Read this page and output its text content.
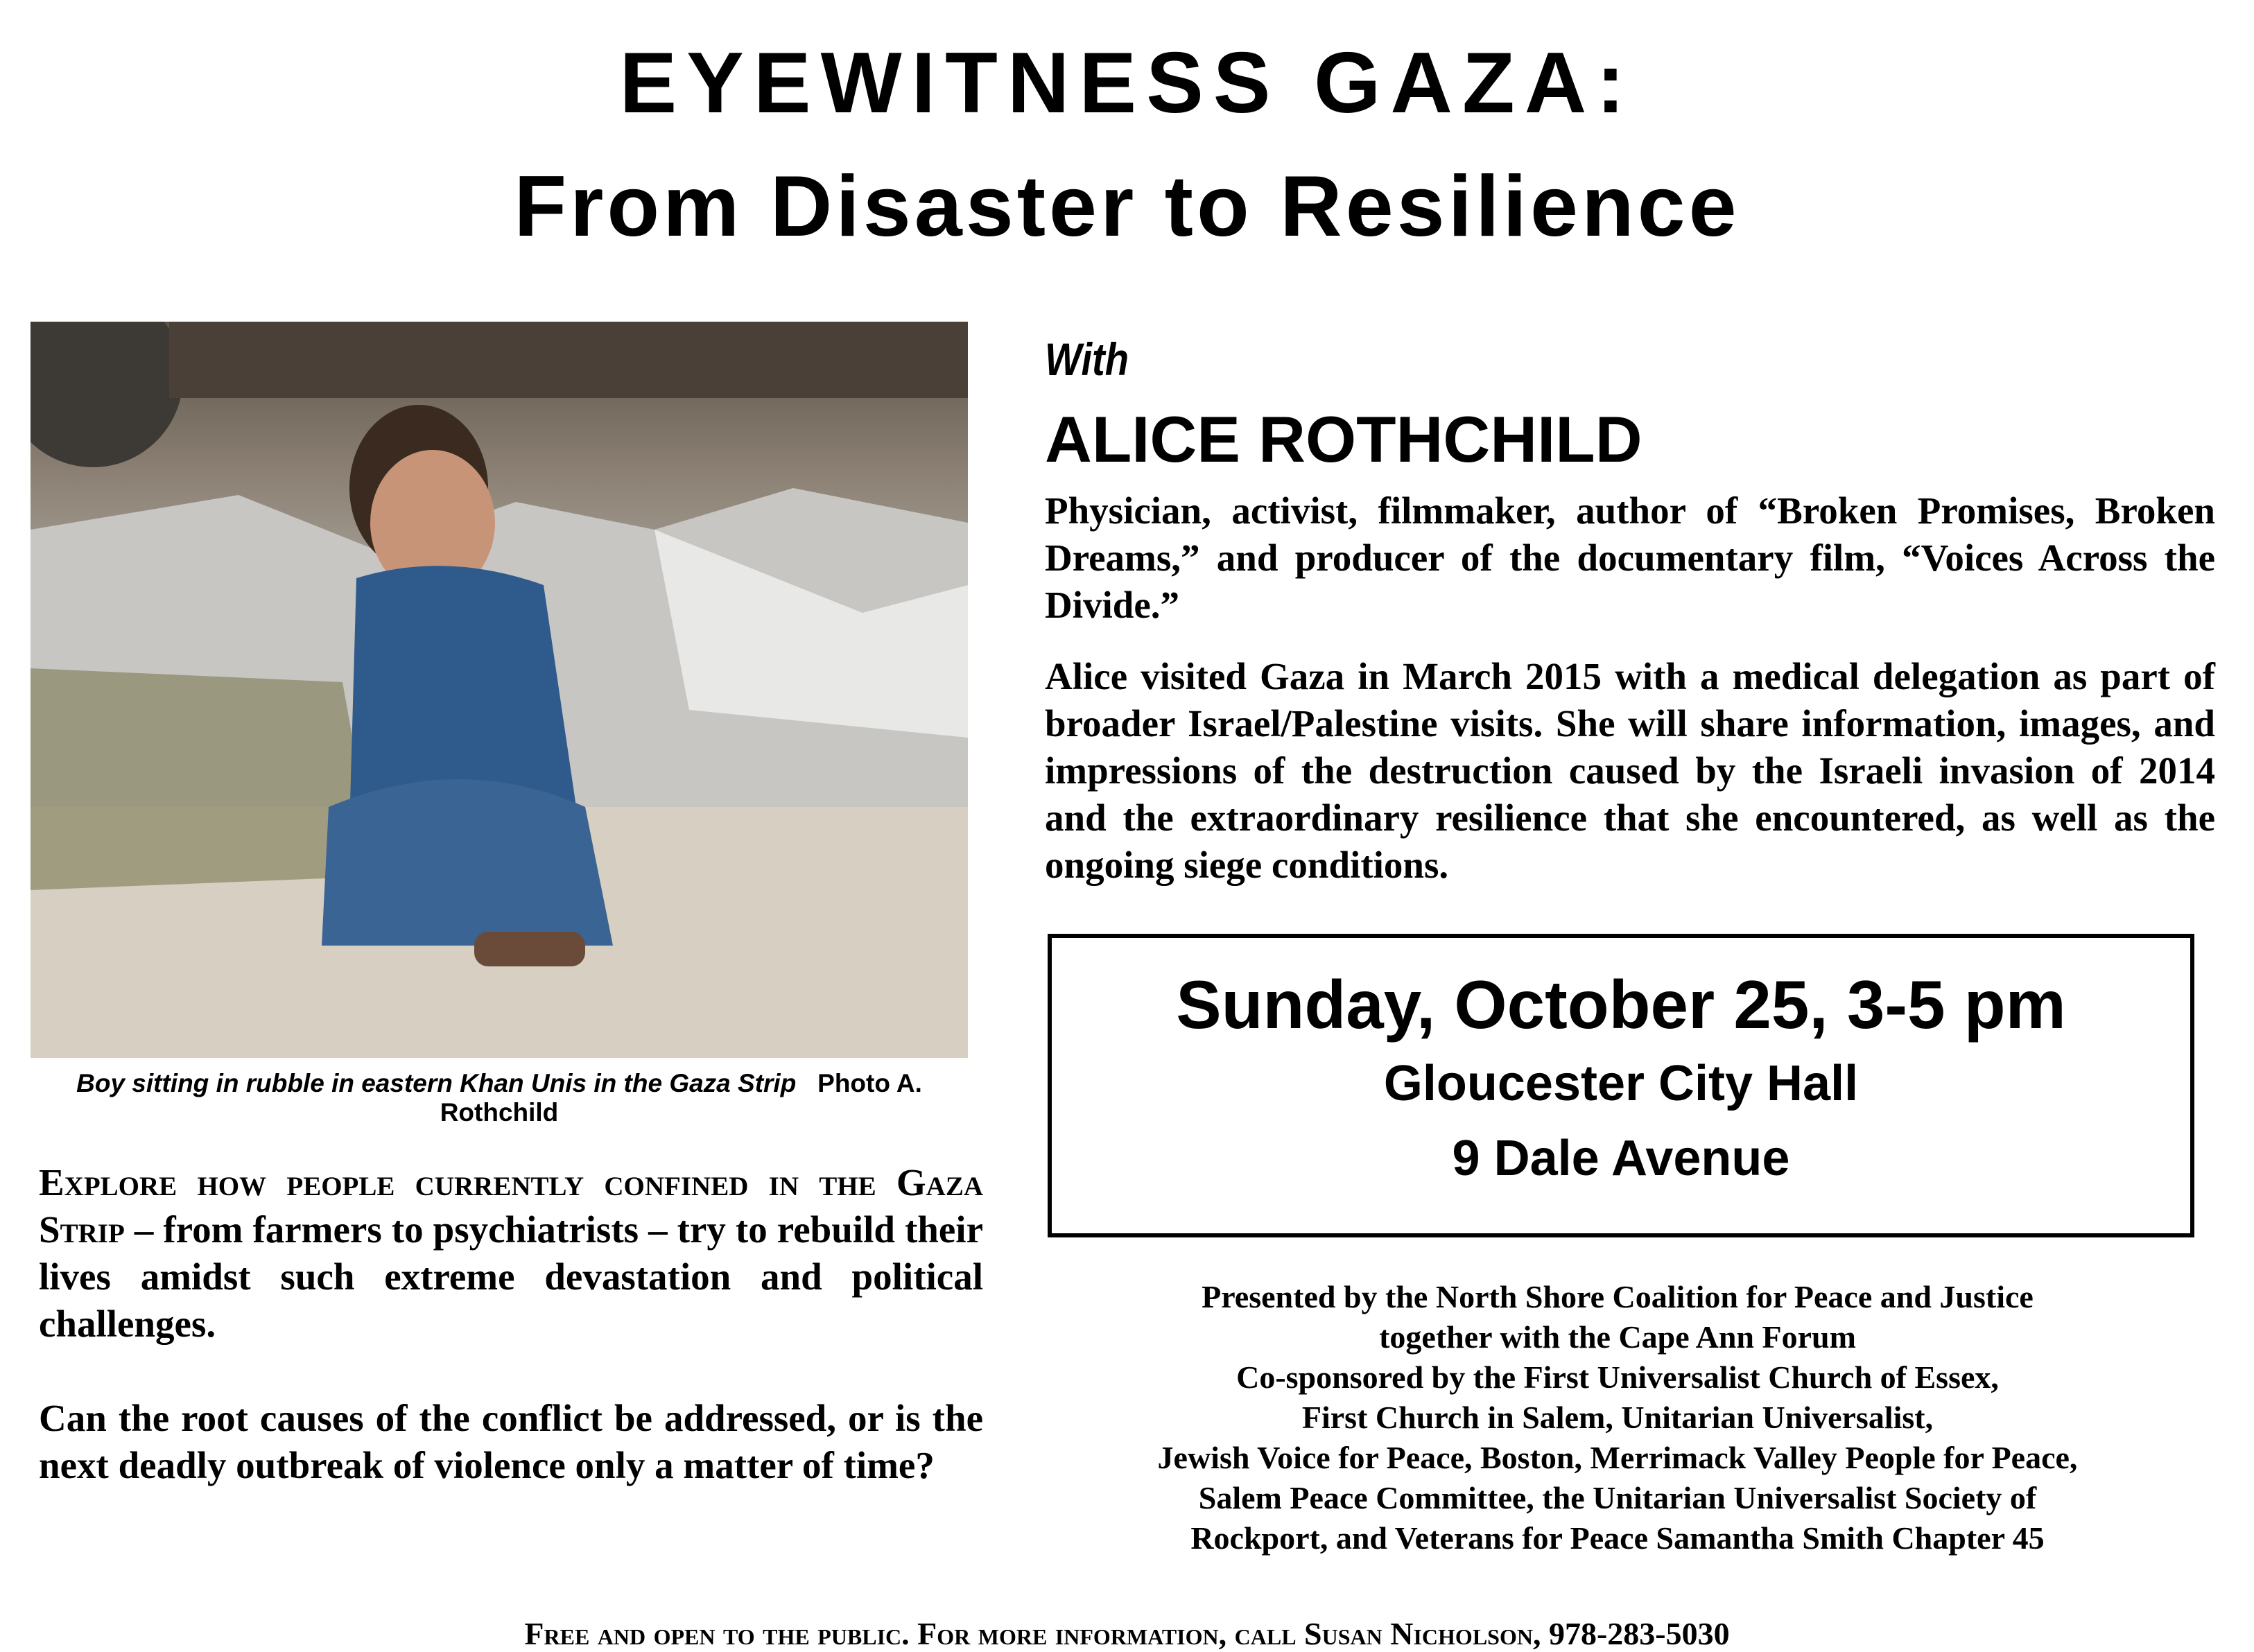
EYEWITNESS GAZA:
From Disaster to Resilience
Boy sitting in rubble in eastern Khan Unis in the Gaza Strip Photo A. Rothchild

Explore how people currently confined in the Gaza Strip – from farmers to psychiatrists – try to rebuild their lives amidst such extreme devastation and political challenges.

Can the root causes of the conflict be addressed, or is the next deadly outbreak of violence only a matter of time?

With
ALICE ROTHCHILD

Physician, activist, filmmaker, author of “Broken Promises, Broken Dreams,” and producer of the documentary film, “Voices Across the Divide.”

Alice visited Gaza in March 2015 with a medical delegation as part of broader Israel/Palestine visits. She will share information, images, and impressions of the destruction caused by the Israeli invasion of 2014 and the extraordinary resilience that she encountered, as well as the ongoing siege conditions.

Sunday, October 25, 3-5 pm
Gloucester City Hall
9 Dale Avenue
Presented by the North Shore Coalition for Peace and Justice
together with the Cape Ann Forum
Co-sponsored by the First Universalist Church of Essex,
First Church in Salem, Unitarian Universalist,
Jewish Voice for Peace, Boston, Merrimack Valley People for Peace,
Salem Peace Committee, the Unitarian Universalist Society of
Rockport, and Veterans for Peace Samantha Smith Chapter 45
Free and open to the public. For more information, call Susan Nicholson, 978-283-5030
